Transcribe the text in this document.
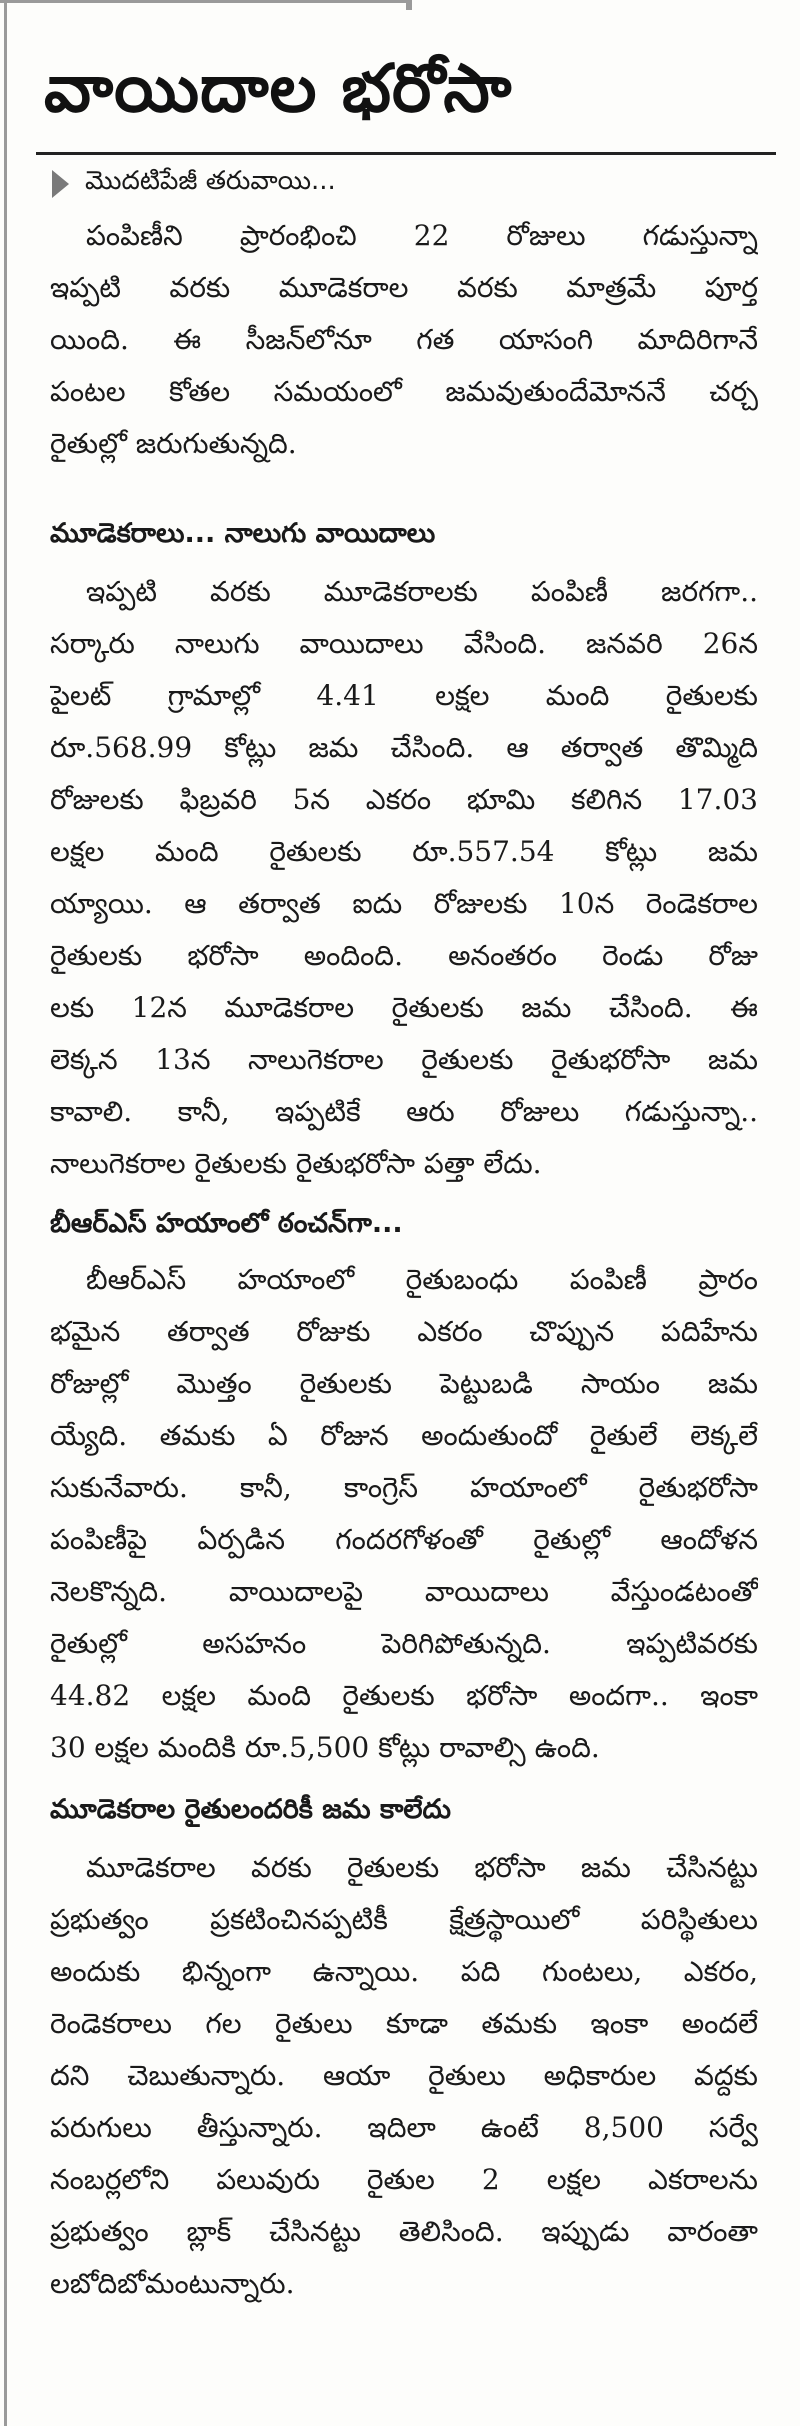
వాయిదాల భరోసా
మొదటిపేజీ తరువాయి...
పంపిణీని ప్రారంభించి 22 రోజులు గడుస్తున్నా
ఇప్పటి వరకు మూడెకరాల వరకు మాత్రమే పూర్త
యింది. ఈ సీజన్‌లోనూ గత యాసంగి మాదిరిగానే
పంటల కోతల సమయంలో జమవుతుందేమోననే చర్చ
రైతుల్లో జరుగుతున్నది.
మూడెకరాలు... నాలుగు వాయిదాలు
ఇప్పటి వరకు మూడెకరాలకు పంపిణీ జరగగా..
సర్కారు నాలుగు వాయిదాలు వేసింది. జనవరి 26న
పైలట్ గ్రామాల్లో 4.41 లక్షల మంది రైతులకు
రూ.568.99 కోట్లు జమ చేసింది. ఆ తర్వాత తొమ్మిది
రోజులకు ఫిబ్రవరి 5న ఎకరం భూమి కలిగిన 17.03
లక్షల మంది రైతులకు రూ.557.54 కోట్లు జమ
య్యాయి. ఆ తర్వాత ఐదు రోజులకు 10న రెండెకరాల
రైతులకు భరోసా అందింది. అనంతరం రెండు రోజు
లకు 12న మూడెకరాల రైతులకు జమ చేసింది. ఈ
లెక్కన 13న నాలుగెకరాల రైతులకు రైతుభరోసా జమ
కావాలి. కానీ, ఇప్పటికే ఆరు రోజులు గడుస్తున్నా..
నాలుగెకరాల రైతులకు రైతుభరోసా పత్తా లేదు.
బీఆర్ఎస్ హయాంలో ఠంచన్‌గా...
బీఆర్ఎస్ హయాంలో రైతుబంధు పంపిణీ ప్రారం
భమైన తర్వాత రోజుకు ఎకరం చొప్పున పదిహేను
రోజుల్లో మొత్తం రైతులకు పెట్టుబడి సాయం జమ
య్యేది. తమకు ఏ రోజున అందుతుందో రైతులే లెక్కలే
సుకునేవారు. కానీ, కాంగ్రెస్ హయాంలో రైతుభరోసా
పంపిణీపై ఏర్పడిన గందరగోళంతో రైతుల్లో ఆందోళన
నెలకొన్నది. వాయిదాలపై వాయిదాలు వేస్తుండటంతో
రైతుల్లో అసహనం పెరిగిపోతున్నది. ఇప్పటివరకు
44.82 లక్షల మంది రైతులకు భరోసా అందగా.. ఇంకా
30 లక్షల మందికి రూ.5,500 కోట్లు రావాల్సి ఉంది.
మూడెకరాల రైతులందరికీ జమ కాలేదు
మూడెకరాల వరకు రైతులకు భరోసా జమ చేసినట్టు
ప్రభుత్వం ప్రకటించినప్పటికీ క్షేత్రస్థాయిలో పరిస్థితులు
అందుకు భిన్నంగా ఉన్నాయి. పది గుంటలు, ఎకరం,
రెండెకరాలు గల రైతులు కూడా తమకు ఇంకా అందలే
దని చెబుతున్నారు. ఆయా రైతులు అధికారుల వద్దకు
పరుగులు తీస్తున్నారు. ఇదిలా ఉంటే 8,500 సర్వే
నంబర్లలోని పలువురు రైతుల 2 లక్షల ఎకరాలను
ప్రభుత్వం బ్లాక్ చేసినట్టు తెలిసింది. ఇప్పుడు వారంతా
లబోదిబోమంటున్నారు.
